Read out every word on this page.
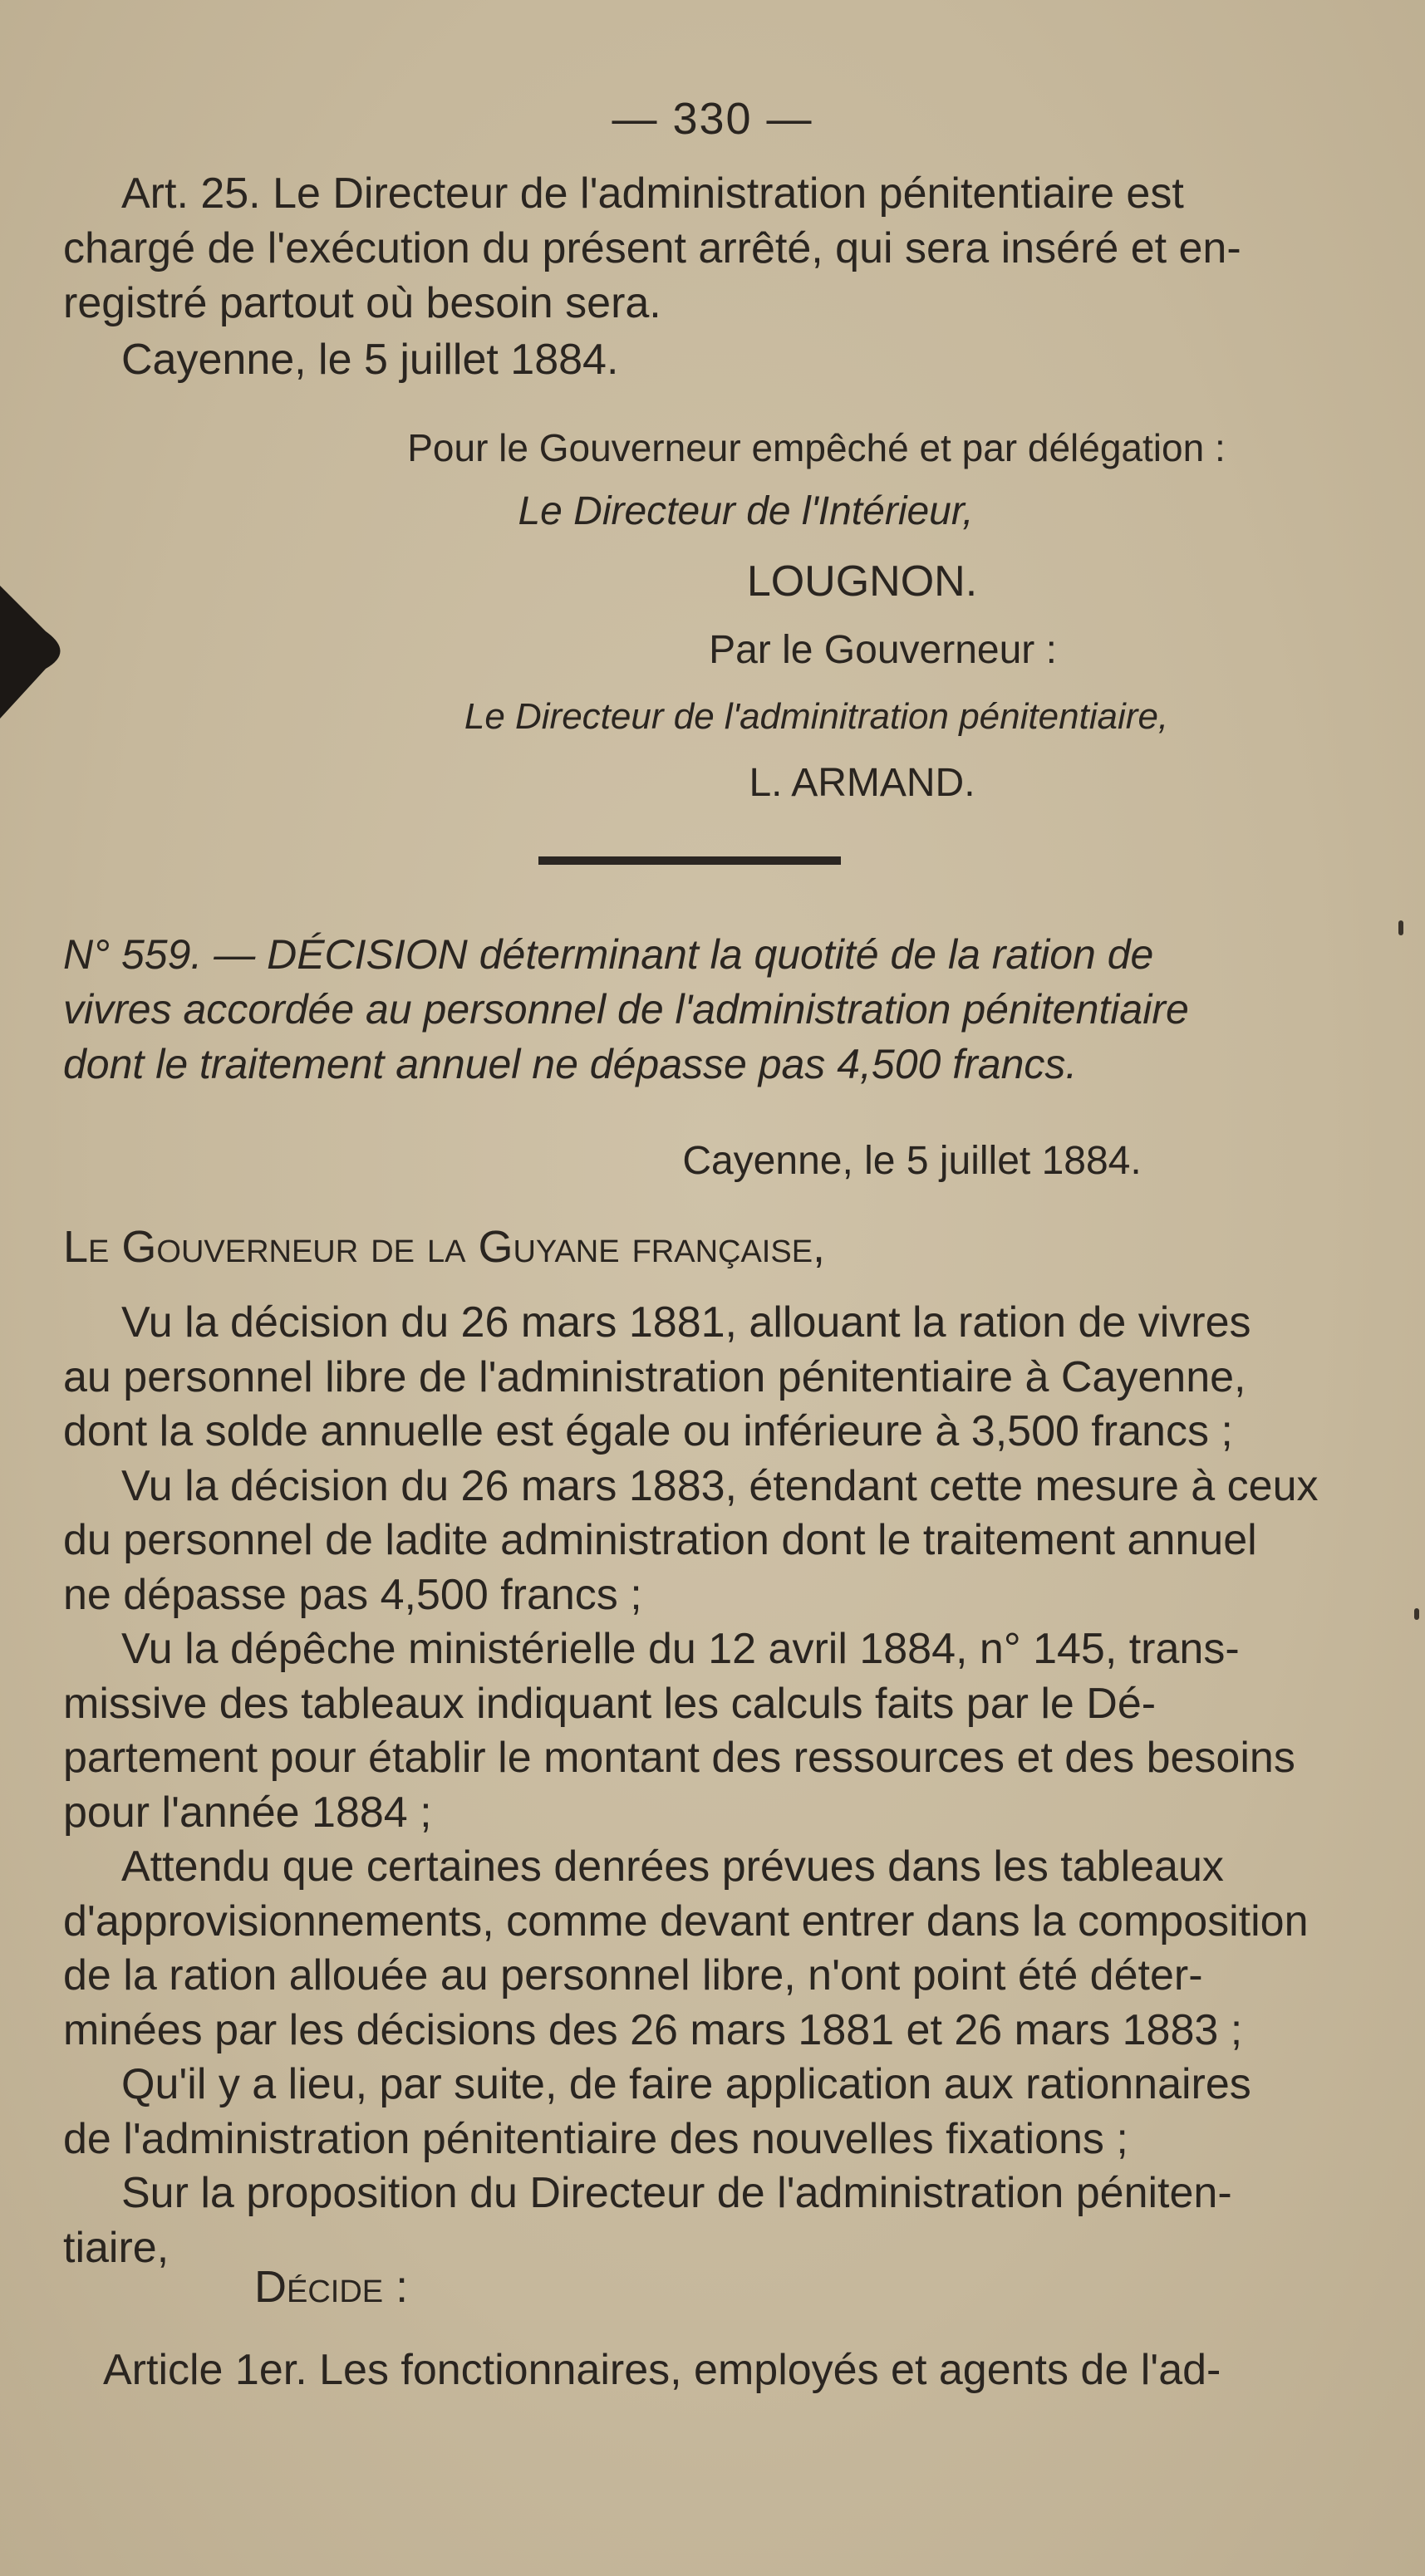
— 330 —
Art. 25. Le Directeur de l'administration pénitentiaire est
chargé de l'exécution du présent arrêté, qui sera inséré et en-
registré partout où besoin sera.
Cayenne, le 5 juillet 1884.
Pour le Gouverneur empêché et par délégation :
Le Directeur de l'Intérieur,
LOUGNON.
Par le Gouverneur :
Le Directeur de l'adminitration pénitentiaire,
L. ARMAND.
N° 559. — DÉCISION déterminant la quotité de la ration de
vivres accordée au personnel de l'administration pénitentiaire
dont le traitement annuel ne dépasse pas 4,500 francs.
Cayenne, le 5 juillet 1884.
Le Gouverneur de la Guyane française,
Vu la décision du 26 mars 1881, allouant la ration de vivres
au personnel libre de l'administration pénitentiaire à Cayenne,
dont la solde annuelle est égale ou inférieure à 3,500 francs ;
Vu la décision du 26 mars 1883, étendant cette mesure à ceux
du personnel de ladite administration dont le traitement annuel
ne dépasse pas 4,500 francs ;
Vu la dépêche ministérielle du 12 avril 1884, n° 145, trans-
missive des tableaux indiquant les calculs faits par le Dé-
partement pour établir le montant des ressources et des besoins
pour l'année 1884 ;
Attendu que certaines denrées prévues dans les tableaux
d'approvisionnements, comme devant entrer dans la composition
de la ration allouée au personnel libre, n'ont point été déter-
minées par les décisions des 26 mars 1881 et 26 mars 1883 ;
Qu'il y a lieu, par suite, de faire application aux rationnaires
de l'administration pénitentiaire des nouvelles fixations ;
Sur la proposition du Directeur de l'administration péniten-
tiaire,
Décide :
Article 1er. Les fonctionnaires, employés et agents de l'ad-
